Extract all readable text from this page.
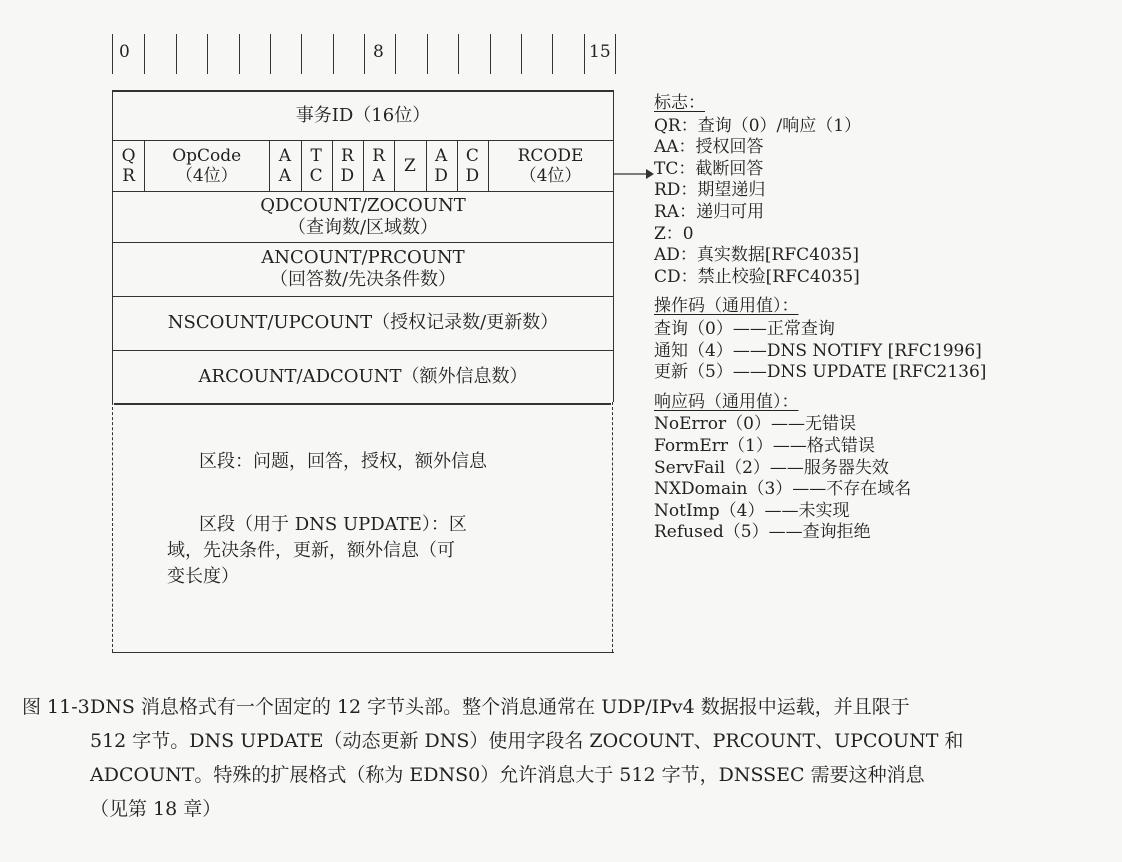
0	8	15
事务ID（16位）
Q
R
OpCode
（4位）
A
A
T
C
R
D
R
A Z A
D
C
D
RCODE
（4位）
QDCOUNT/ZOCOUNT
（查询数/区域数）
ANCOUNT/PRCOUNT
（回答数/先决条件数）
NSCOUNT/UPCOUNT（授权记录数/更新数）
ARCOUNT/ADCOUNT（额外信息数）
区段：问题，回答，授权，额外信息
区段（用于 DNS UPDATE）：区
域，先决条件，更新，额外信息（可
变长度）
标志：
QR：查询（0）/响应（1）
AA：授权回答
TC：截断回答
RD：期望递归
RA：递归可用
Z：0
AD：真实数据[RFC4035]
CD：禁止校验[RFC4035]
操作码（通用值）：
查询（0）——正常查询
通知（4）——DNS NOTIFY [RFC1996]
更新（5）——DNS UPDATE [RFC2136]
响应码（通用值）：
NoError（0）——无错误
FormErr（1）——格式错误
ServFail（2）——服务器失效
NXDomain（3）——不存在域名
NotImp（4）——未实现
Refused（5）——查询拒绝
图 11-3 DNS 消息格式有一个固定的 12 字节头部。整个消息通常在 UDP/IPv4 数据报中运载，并且限于
512 字节。DNS UPDATE（动态更新 DNS）使用字段名 ZOCOUNT、PRCOUNT、UPCOUNT 和
ADCOUNT。特殊的扩展格式（称为 EDNS0）允许消息大于 512 字节，DNSSEC 需要这种消息
（见第 18 章）
